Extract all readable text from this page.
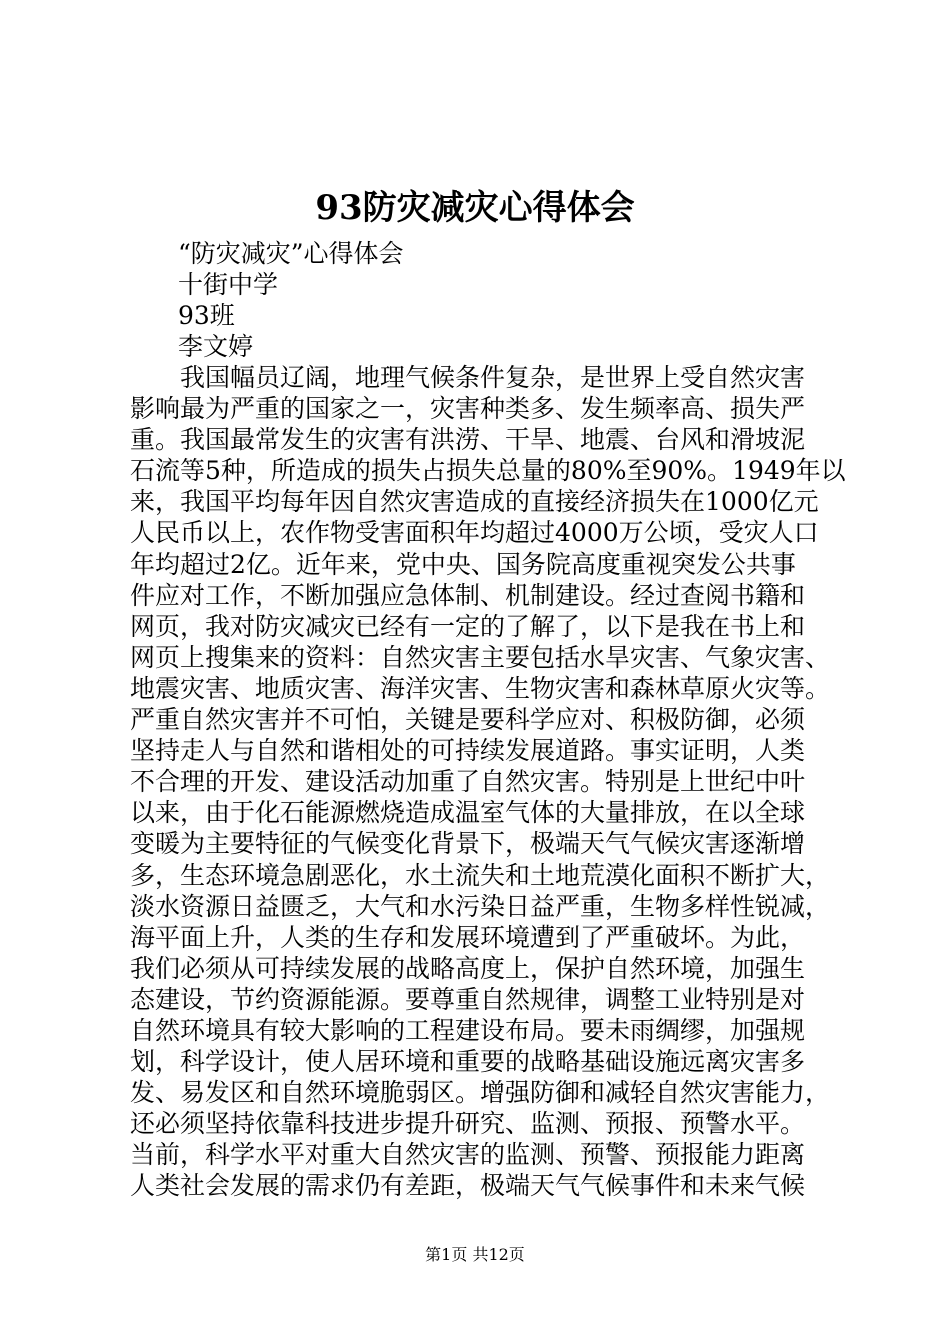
93防灾减灾心得体会
“防灾减灾”心得体会
十街中学
93班
李文婷
　　我国幅员辽阔，地理气候条件复杂，是世界上受自然灾害
影响最为严重的国家之一，灾害种类多、发生频率高、损失严
重。我国最常发生的灾害有洪涝、干旱、地震、台风和滑坡泥
石流等5种，所造成的损失占损失总量的80%至90%。1949年以
来，我国平均每年因自然灾害造成的直接经济损失在1000亿元
人民币以上，农作物受害面积年均超过4000万公顷，受灾人口
年均超过2亿。近年来，党中央、国务院高度重视突发公共事
件应对工作，不断加强应急体制、机制建设。经过查阅书籍和
网页，我对防灾减灾已经有一定的了解了，以下是我在书上和
网页上搜集来的资料：自然灾害主要包括水旱灾害、气象灾害、
地震灾害、地质灾害、海洋灾害、生物灾害和森林草原火灾等。
严重自然灾害并不可怕，关键是要科学应对、积极防御，必须
坚持走人与自然和谐相处的可持续发展道路。事实证明，人类
不合理的开发、建设活动加重了自然灾害。特别是上世纪中叶
以来，由于化石能源燃烧造成温室气体的大量排放，在以全球
变暖为主要特征的气候变化背景下，极端天气气候灾害逐渐增
多，生态环境急剧恶化，水土流失和土地荒漠化面积不断扩大，
淡水资源日益匮乏，大气和水污染日益严重，生物多样性锐减，
海平面上升，人类的生存和发展环境遭到了严重破坏。为此，
我们必须从可持续发展的战略高度上，保护自然环境，加强生
态建设，节约资源能源。要尊重自然规律，调整工业特别是对
自然环境具有较大影响的工程建设布局。要未雨绸缪，加强规
划，科学设计，使人居环境和重要的战略基础设施远离灾害多
发、易发区和自然环境脆弱区。增强防御和减轻自然灾害能力，
还必须坚持依靠科技进步提升研究、监测、预报、预警水平。
当前，科学水平对重大自然灾害的监测、预警、预报能力距离
人类社会发展的需求仍有差距，极端天气气候事件和未来气候
第1页 共12页
